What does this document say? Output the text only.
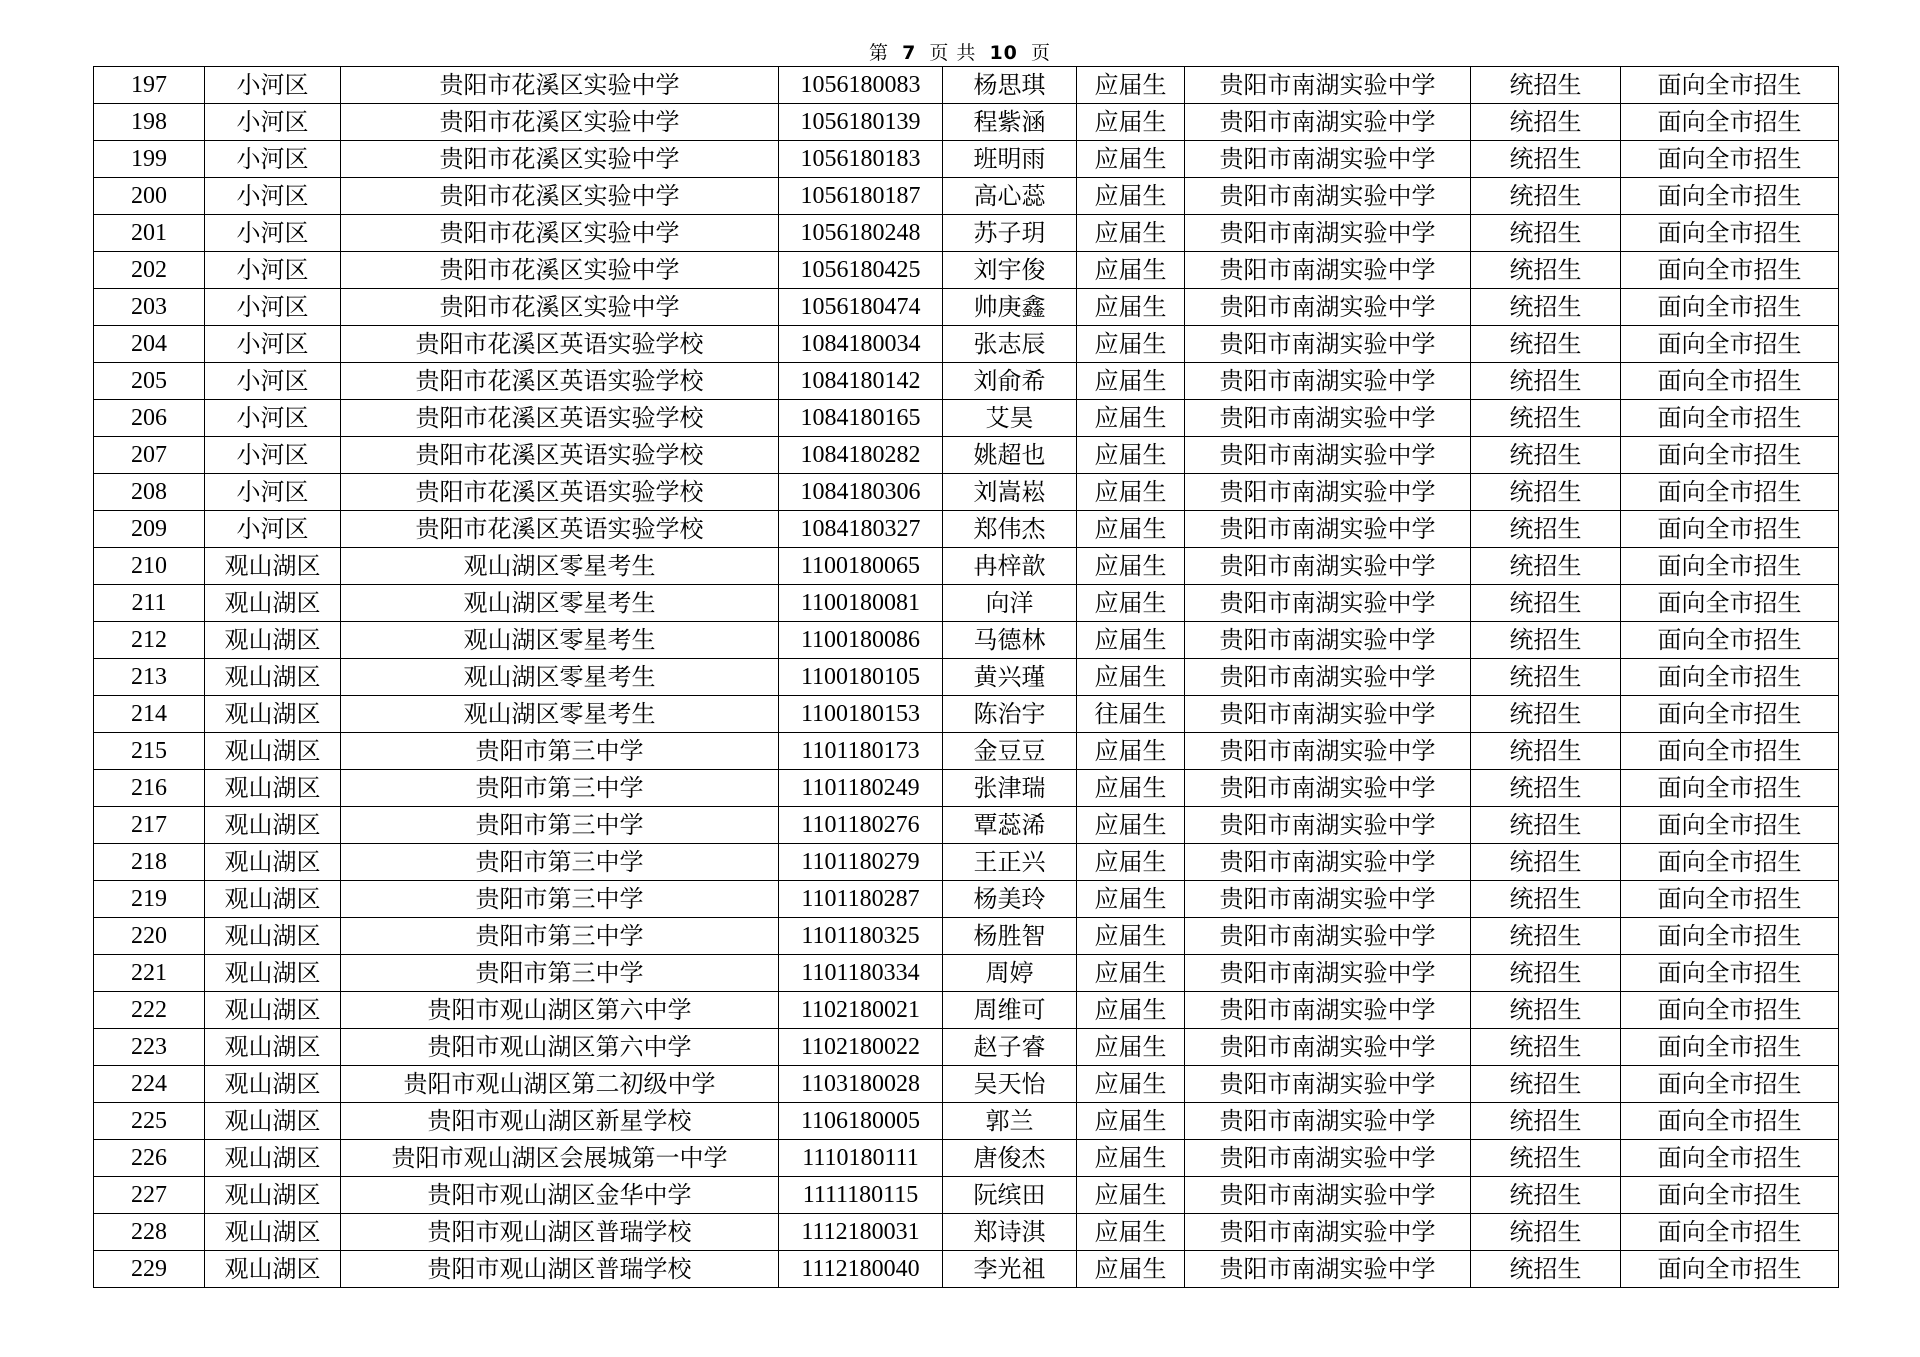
第 7 页 共 10 页
197	小河区	贵阳市花溪区实验中学	1056180083	杨思琪	应届生	贵阳市南湖实验中学	统招生	面向全市招生
198	小河区	贵阳市花溪区实验中学	1056180139	程紫涵	应届生	贵阳市南湖实验中学	统招生	面向全市招生
199	小河区	贵阳市花溪区实验中学	1056180183	班明雨	应届生	贵阳市南湖实验中学	统招生	面向全市招生
200	小河区	贵阳市花溪区实验中学	1056180187	高心蕊	应届生	贵阳市南湖实验中学	统招生	面向全市招生
201	小河区	贵阳市花溪区实验中学	1056180248	苏子玥	应届生	贵阳市南湖实验中学	统招生	面向全市招生
202	小河区	贵阳市花溪区实验中学	1056180425	刘宇俊	应届生	贵阳市南湖实验中学	统招生	面向全市招生
203	小河区	贵阳市花溪区实验中学	1056180474	帅庚鑫	应届生	贵阳市南湖实验中学	统招生	面向全市招生
204	小河区	贵阳市花溪区英语实验学校	1084180034	张志辰	应届生	贵阳市南湖实验中学	统招生	面向全市招生
205	小河区	贵阳市花溪区英语实验学校	1084180142	刘俞希	应届生	贵阳市南湖实验中学	统招生	面向全市招生
206	小河区	贵阳市花溪区英语实验学校	1084180165	艾昊	应届生	贵阳市南湖实验中学	统招生	面向全市招生
207	小河区	贵阳市花溪区英语实验学校	1084180282	姚超也	应届生	贵阳市南湖实验中学	统招生	面向全市招生
208	小河区	贵阳市花溪区英语实验学校	1084180306	刘嵩崧	应届生	贵阳市南湖实验中学	统招生	面向全市招生
209	小河区	贵阳市花溪区英语实验学校	1084180327	郑伟杰	应届生	贵阳市南湖实验中学	统招生	面向全市招生
210	观山湖区	观山湖区零星考生	1100180065	冉梓歆	应届生	贵阳市南湖实验中学	统招生	面向全市招生
211	观山湖区	观山湖区零星考生	1100180081	向洋	应届生	贵阳市南湖实验中学	统招生	面向全市招生
212	观山湖区	观山湖区零星考生	1100180086	马德林	应届生	贵阳市南湖实验中学	统招生	面向全市招生
213	观山湖区	观山湖区零星考生	1100180105	黄兴瑾	应届生	贵阳市南湖实验中学	统招生	面向全市招生
214	观山湖区	观山湖区零星考生	1100180153	陈治宇	往届生	贵阳市南湖实验中学	统招生	面向全市招生
215	观山湖区	贵阳市第三中学	1101180173	金豆豆	应届生	贵阳市南湖实验中学	统招生	面向全市招生
216	观山湖区	贵阳市第三中学	1101180249	张津瑞	应届生	贵阳市南湖实验中学	统招生	面向全市招生
217	观山湖区	贵阳市第三中学	1101180276	覃蕊浠	应届生	贵阳市南湖实验中学	统招生	面向全市招生
218	观山湖区	贵阳市第三中学	1101180279	王正兴	应届生	贵阳市南湖实验中学	统招生	面向全市招生
219	观山湖区	贵阳市第三中学	1101180287	杨美玲	应届生	贵阳市南湖实验中学	统招生	面向全市招生
220	观山湖区	贵阳市第三中学	1101180325	杨胜智	应届生	贵阳市南湖实验中学	统招生	面向全市招生
221	观山湖区	贵阳市第三中学	1101180334	周婷	应届生	贵阳市南湖实验中学	统招生	面向全市招生
222	观山湖区	贵阳市观山湖区第六中学	1102180021	周维可	应届生	贵阳市南湖实验中学	统招生	面向全市招生
223	观山湖区	贵阳市观山湖区第六中学	1102180022	赵子睿	应届生	贵阳市南湖实验中学	统招生	面向全市招生
224	观山湖区	贵阳市观山湖区第二初级中学	1103180028	吴天怡	应届生	贵阳市南湖实验中学	统招生	面向全市招生
225	观山湖区	贵阳市观山湖区新星学校	1106180005	郭兰	应届生	贵阳市南湖实验中学	统招生	面向全市招生
226	观山湖区	贵阳市观山湖区会展城第一中学	1110180111	唐俊杰	应届生	贵阳市南湖实验中学	统招生	面向全市招生
227	观山湖区	贵阳市观山湖区金华中学	1111180115	阮缤田	应届生	贵阳市南湖实验中学	统招生	面向全市招生
228	观山湖区	贵阳市观山湖区普瑞学校	1112180031	郑诗淇	应届生	贵阳市南湖实验中学	统招生	面向全市招生
229	观山湖区	贵阳市观山湖区普瑞学校	1112180040	李光祖	应届生	贵阳市南湖实验中学	统招生	面向全市招生
